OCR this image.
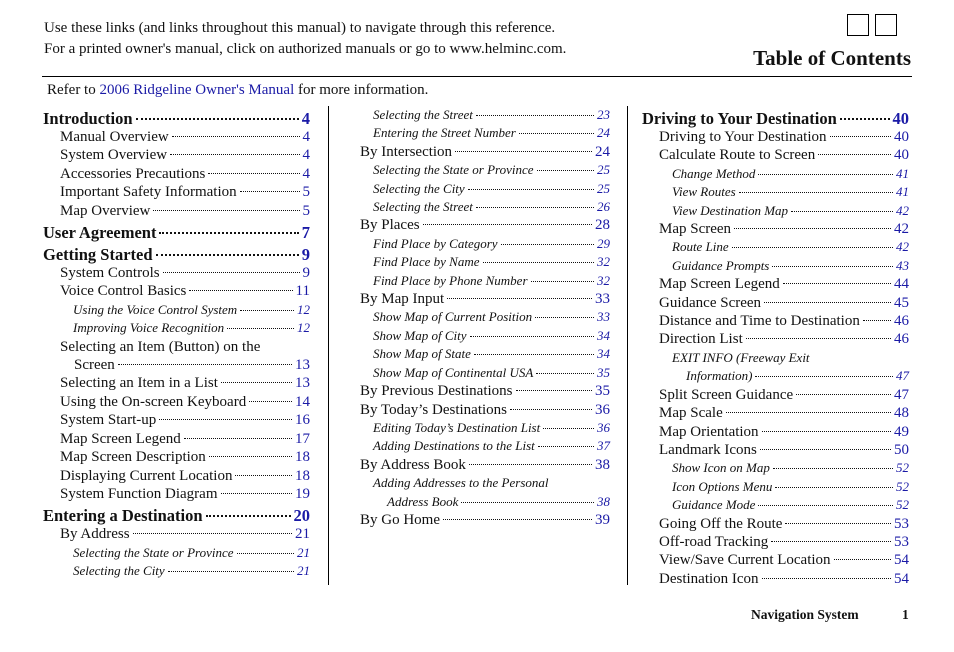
Use these links (and links throughout this manual) to navigate through this reference.
For a printed owner's manual, click on authorized manuals or go to www.helminc.com.	Table of Contents
Refer to 2006 Ridgeline Owner's Manual for more information.
Introduction	4
Manual Overview	4
System Overview	4
Accessories Precautions	4
Important Safety Information	5
Map Overview	5
User Agreement	7
Getting Started	9
System Controls	9
Voice Control Basics	11
Using the Voice Control System	12
Improving Voice Recognition	12
Selecting an Item (Button) on the
Screen	13
Selecting an Item in a List	13
Using the On-screen Keyboard	14
System Start-up	16
Map Screen Legend	17
Map Screen Description	18
Displaying Current Location	18
System Function Diagram	19
Entering a Destination	20
By Address	21
Selecting the State or Province	21
Selecting the City	21
Selecting the Street	23
Entering the Street Number	24
By Intersection	24
Selecting the State or Province	25
Selecting the City	25
Selecting the Street	26
By Places	28
Find Place by Category	29
Find Place by Name	32
Find Place by Phone Number	32
By Map Input	33
Show Map of Current Position	33
Show Map of City	34
Show Map of State	34
Show Map of Continental USA	35
By Previous Destinations	35
By Today’s Destinations	36
Editing Today’s Destination List	36
Adding Destinations to the List	37
By Address Book	38
Adding Addresses to the Personal
Address Book	38
By Go Home	39
Driving to Your Destination	40
Driving to Your Destination	40
Calculate Route to Screen	40
Change Method	41
View Routes	41
View Destination Map	42
Map Screen	42
Route Line	42
Guidance Prompts	43
Map Screen Legend	44
Guidance Screen	45
Distance and Time to Destination 46
Direction List	46
EXIT INFO (Freeway Exit
Information)	47
Split Screen Guidance	47
Map Scale	48
Map Orientation	49
Landmark Icons	50
Show Icon on Map	52
Icon Options Menu	52
Guidance Mode	52
Going Off the Route	53
Off-road Tracking	53
View/Save Current Location	54
Destination Icon	54
Navigation System	1
